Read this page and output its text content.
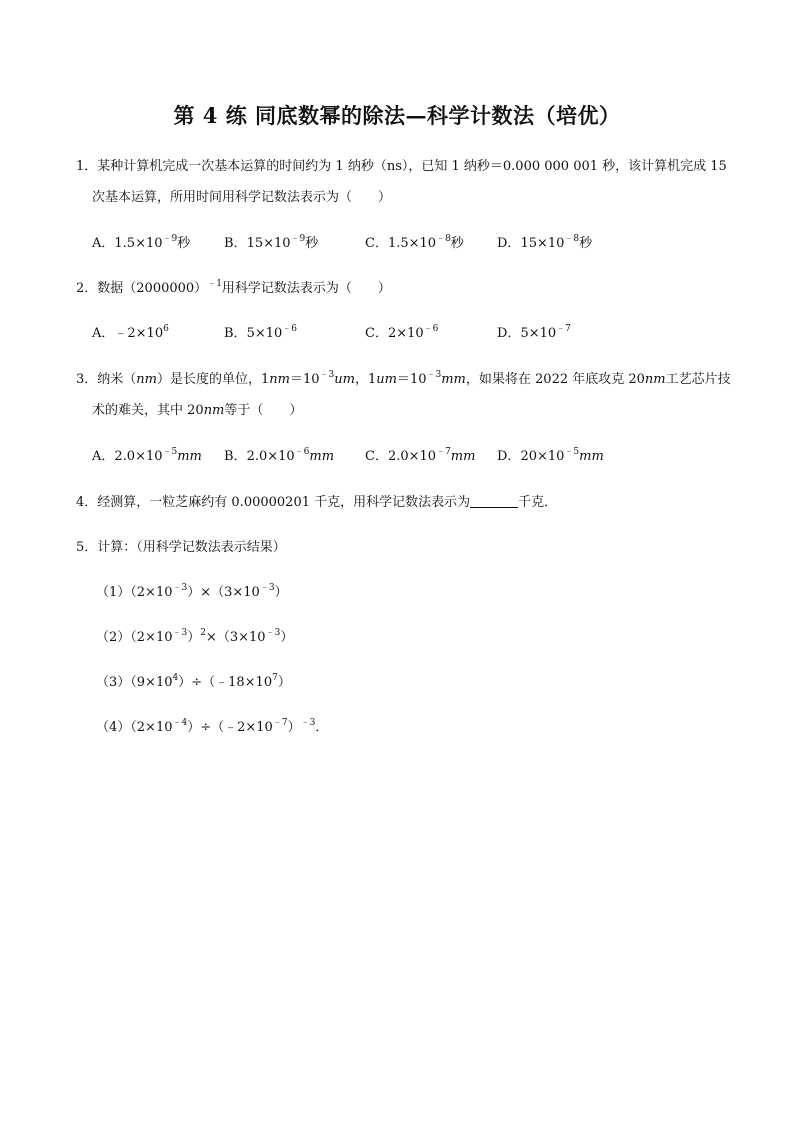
第 4 练 同底数幂的除法—科学计数法（培优）
1．某种计算机完成一次基本运算的时间约为 1 纳秒（ns），已知 1 纳秒＝0.000 000 001 秒，该计算机完成 15
次基本运算，所用时间用科学记数法表示为（　　）
A．$1.5\times 10^{﹣9}$秒	B．$15\times 10^{﹣9}$秒	C．$1.5\times 10^{﹣8}$秒	D．$15\times 10^{﹣8}$秒
2．数据$(2000000)^{﹣1}$用科学记数法表示为（　　）
A．$﹣2\times 10^6$	B．$5\times 10^{﹣6}$	C．$2\times 10^{﹣6}$	D．$5\times 10^{﹣7}$
3．纳米（nm）是长度的单位，$1nm=10^{﹣3}um$，$1um=10^{﹣3}mm$，如果将在 2022 年底攻克 20nm工艺芯片技
术的难关，其中 20nm等于（　　）
A．$2.0\times 10^{﹣5}mm$ B．$2.0\times 10^{﹣6}mm$ C．$2.0\times 10^{﹣7}mm$ D．$20\times 10^{﹣5}mm$
4．经测算，一粒芝麻约有 0.00000201 千克，用科学记数法表示为	千克．
5．计算：（用科学记数法表示结果）
$(1)(2\times 10^{﹣3})\times(3\times 10^{﹣3})$
$(2)(2\times 10^{﹣3})^2\times(3\times 10^{﹣3})$
$(3)(9\times 10^4)\div(﹣18\times 10^7)$
$(4)(2\times 10^{﹣4})\div(﹣2\times 10^{﹣7})^{﹣3}$．
